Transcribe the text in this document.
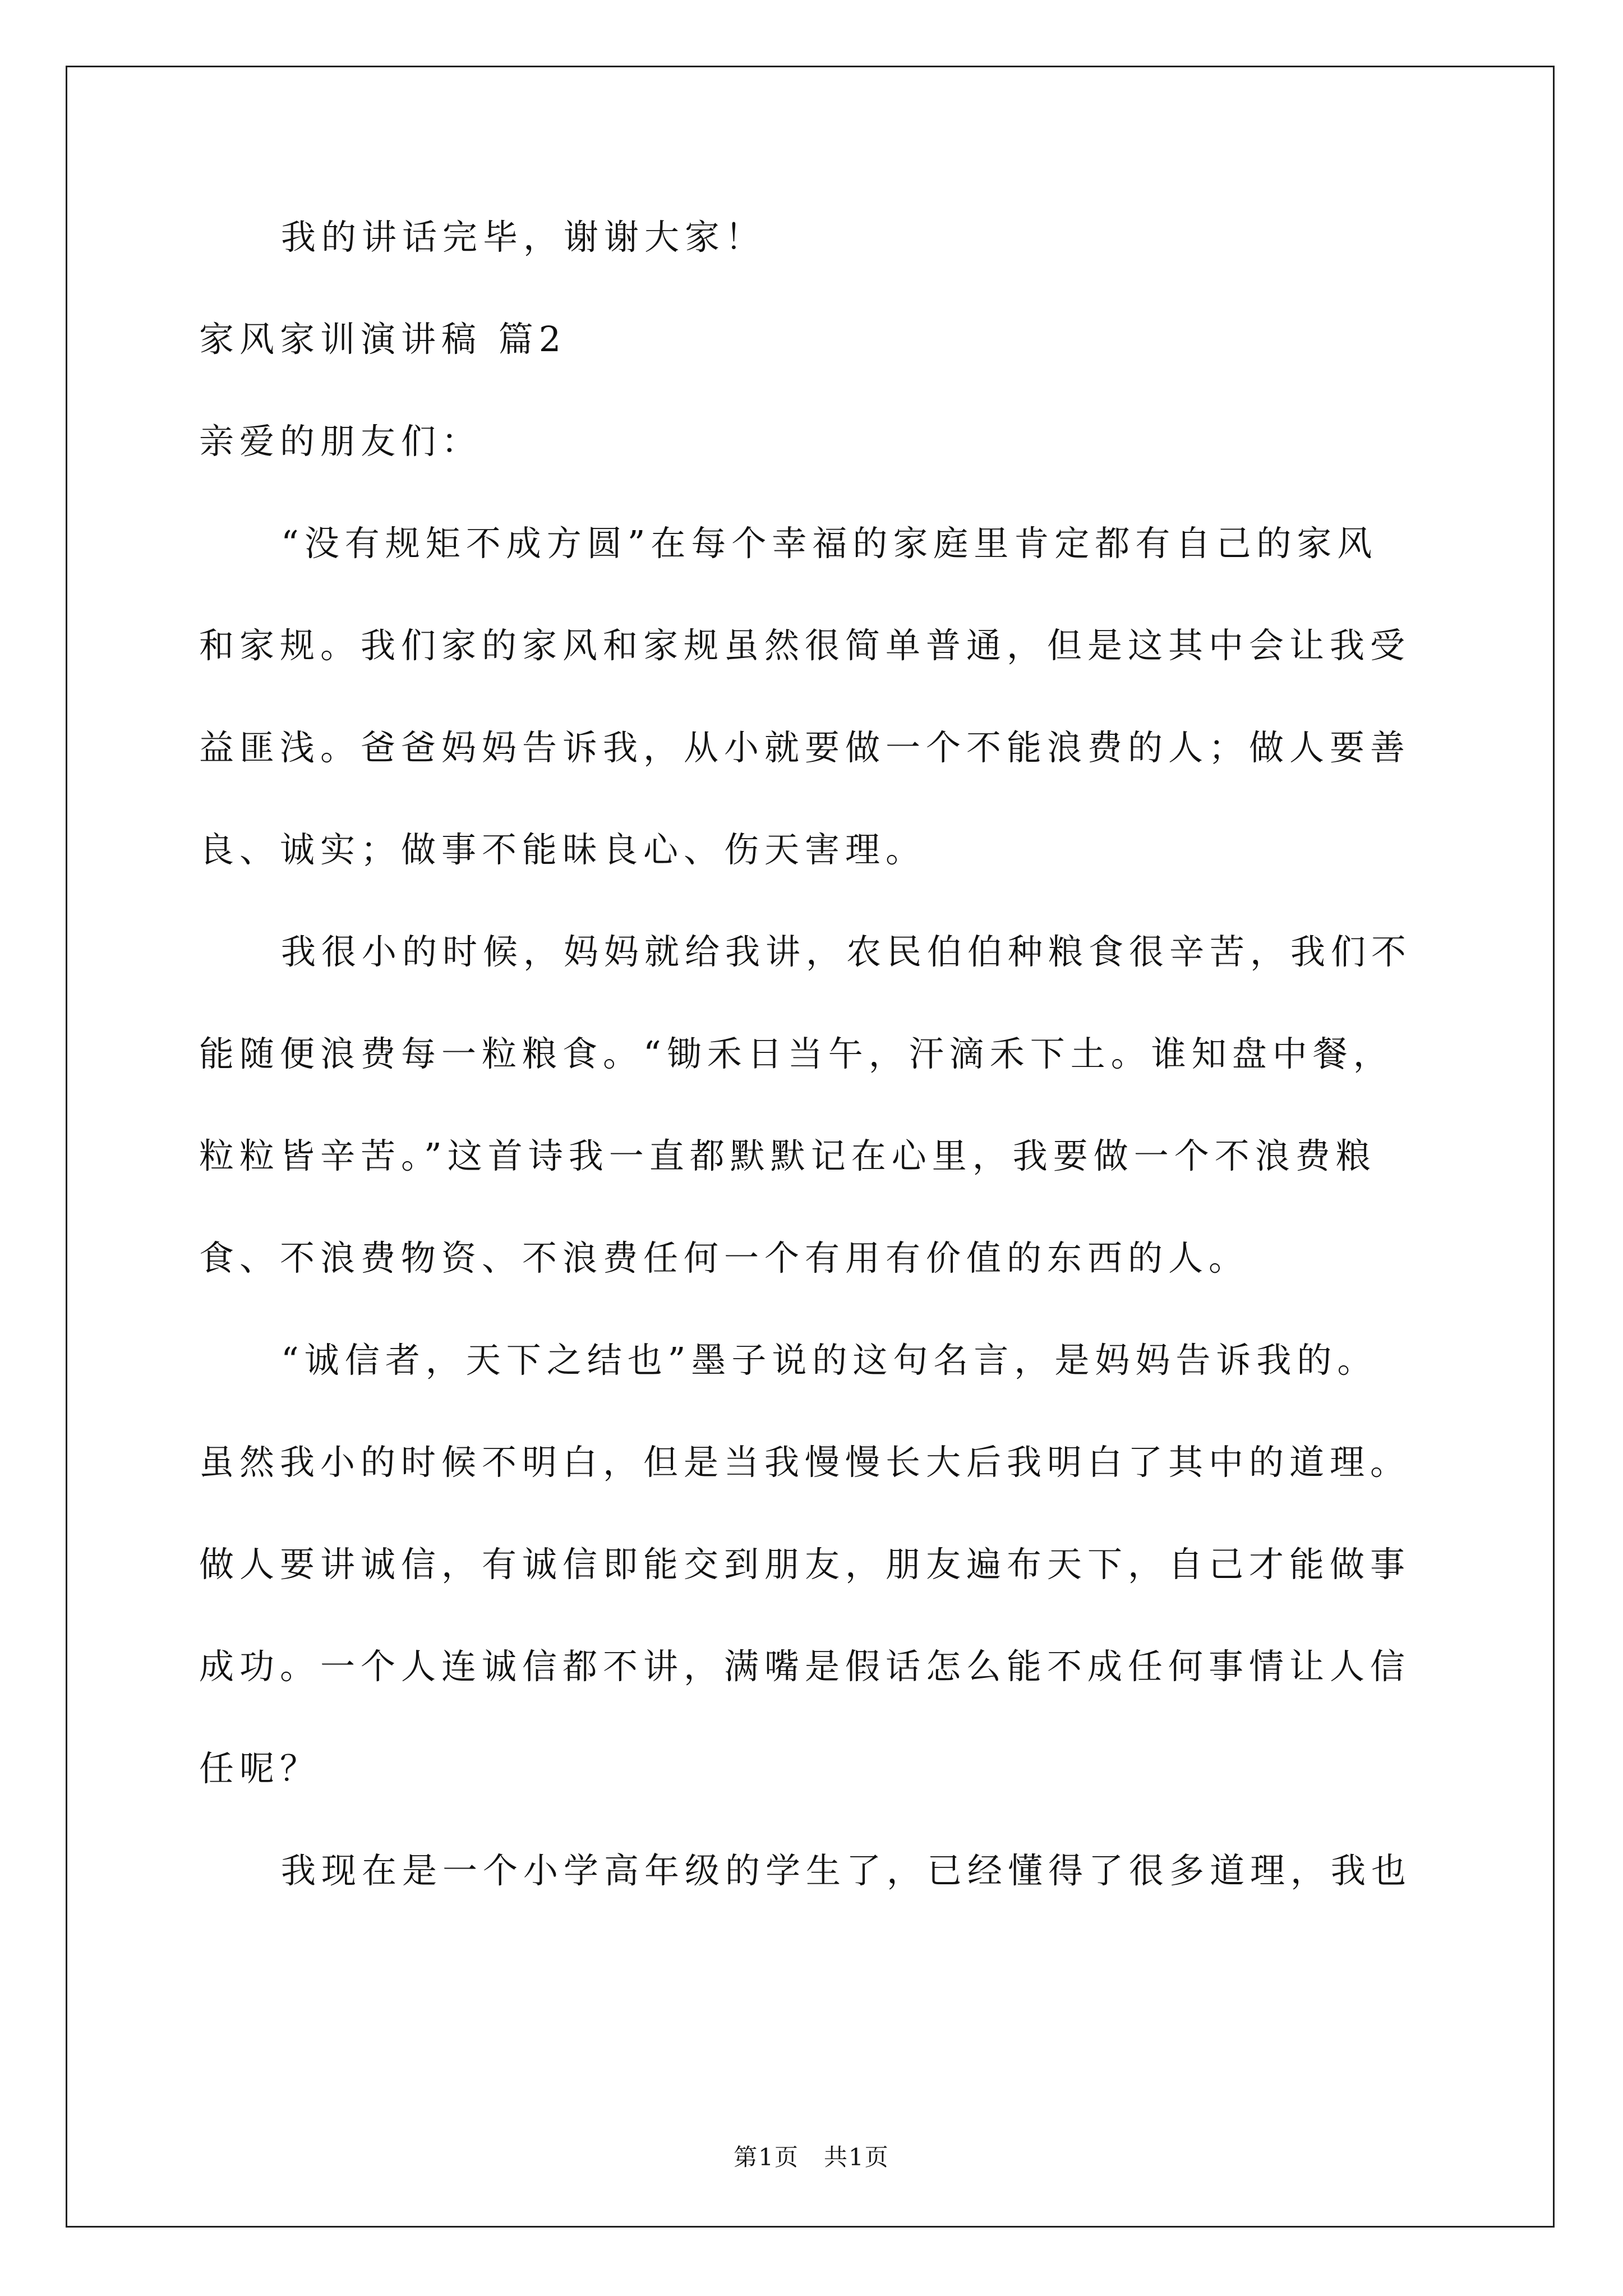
我的讲话完毕，谢谢大家！
家风家训演讲稿 篇2
亲爱的朋友们：
“没有规矩不成方圆”在每个幸福的家庭里肯定都有自己的家风
和家规。我们家的家风和家规虽然很简单普通，但是这其中会让我受
益匪浅。爸爸妈妈告诉我，从小就要做一个不能浪费的人；做人要善
良、诚实；做事不能昧良心、伤天害理。
我很小的时候，妈妈就给我讲，农民伯伯种粮食很辛苦，我们不
能随便浪费每一粒粮食。“锄禾日当午，汗滴禾下土。谁知盘中餐，
粒粒皆辛苦。”这首诗我一直都默默记在心里，我要做一个不浪费粮
食、不浪费物资、不浪费任何一个有用有价值的东西的人。
“诚信者，天下之结也”墨子说的这句名言，是妈妈告诉我的。
虽然我小的时候不明白，但是当我慢慢长大后我明白了其中的道理。
做人要讲诚信，有诚信即能交到朋友，朋友遍布天下，自己才能做事
成功。一个人连诚信都不讲，满嘴是假话怎么能不成任何事情让人信
任呢？
我现在是一个小学高年级的学生了，已经懂得了很多道理，我也
第1页　共1页
